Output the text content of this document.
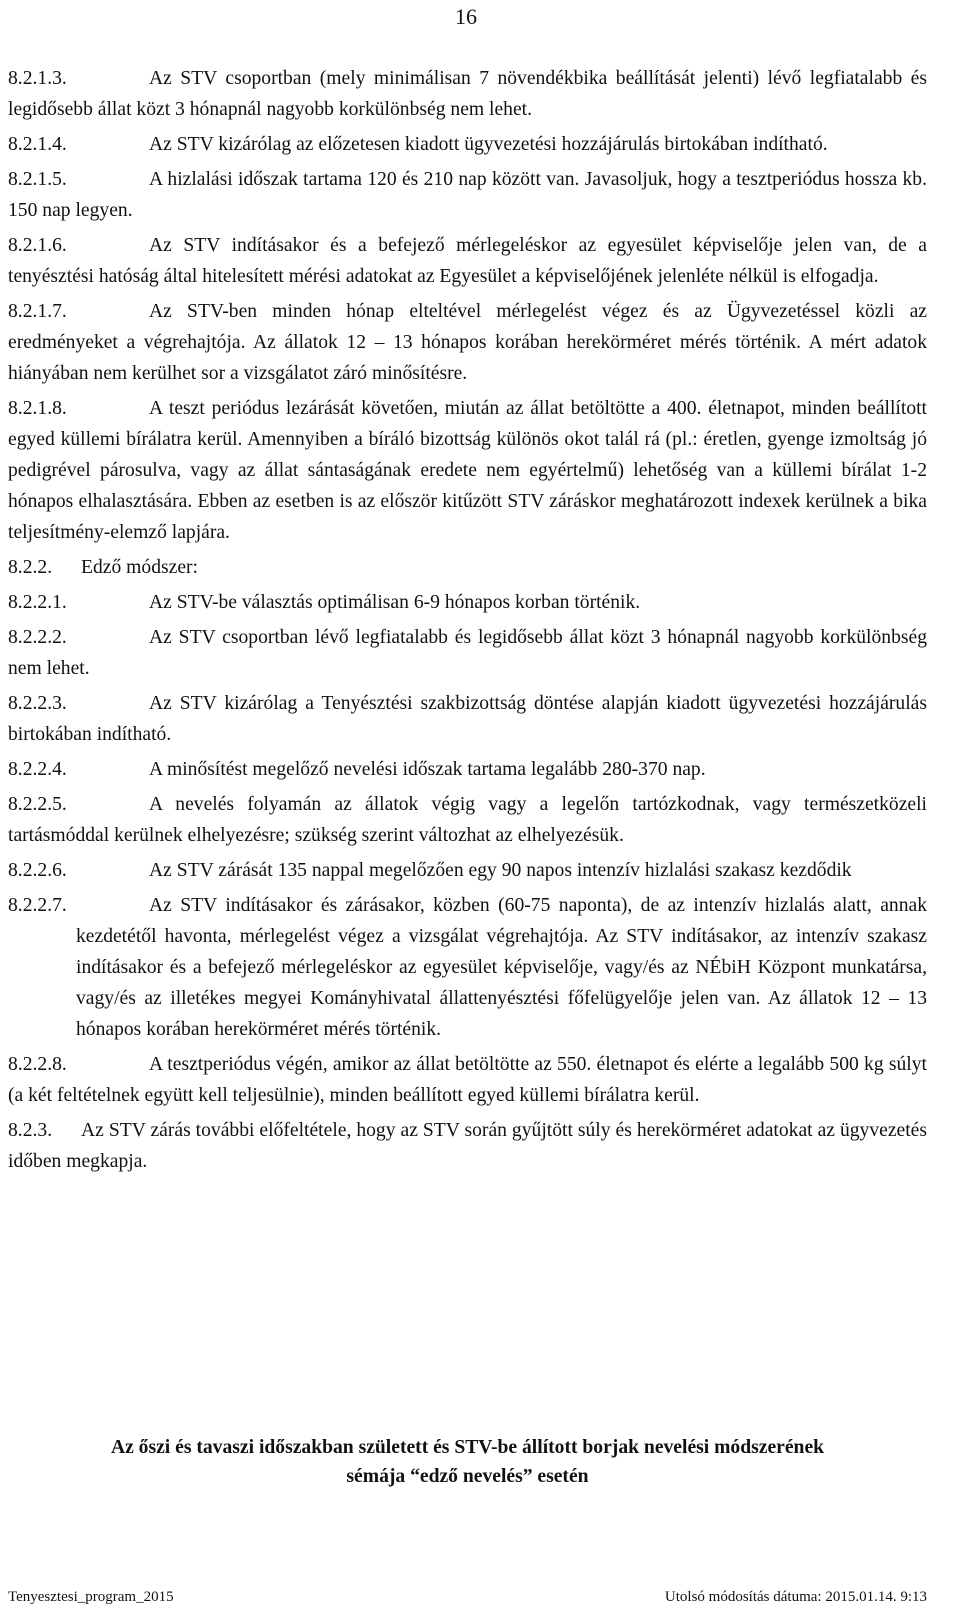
16

8.2.1.3.	Az STV csoportban (mely minimálisan 7 növendékbika beállítását jelenti) lévő legfiatalabb és legidősebb állat közt 3 hónapnál nagyobb korkülönbség nem lehet.

8.2.1.4.	Az STV kizárólag az előzetesen kiadott ügyvezetési hozzájárulás birtokában indítható.

8.2.1.5.	A hizlalási időszak tartama 120 és 210 nap között van. Javasoljuk, hogy a tesztperiódus hossza kb. 150 nap legyen.

8.2.1.6.	Az STV indításakor és a befejező mérlegeléskor az egyesület képviselője jelen van, de a tenyésztési hatóság által hitelesített mérési adatokat az Egyesület a képviselőjének jelenléte nélkül is elfogadja.

8.2.1.7.	Az STV-ben minden hónap elteltével mérlegelést végez és az Ügyvezetéssel közli az eredményeket a végrehajtója. Az állatok 12 – 13 hónapos korában herekörméret mérés történik. A mért adatok hiányában nem kerülhet sor a vizsgálatot záró minősítésre.

8.2.1.8.	A teszt periódus lezárását követően, miután az állat betöltötte a 400. életnapot, minden beállított egyed küllemi bírálatra kerül. Amennyiben a bíráló bizottság különös okot talál rá (pl.: éretlen, gyenge izmoltság jó pedigrével párosulva, vagy az állat sántaságának eredete nem egyértelmű) lehetőség van a küllemi bírálat 1-2 hónapos elhalasztására. Ebben az esetben is az először kitűzött STV záráskor meghatározott indexek kerülnek a bika teljesítmény-elemző lapjára.

8.2.2. Edző módszer:

8.2.2.1.	Az STV-be választás optimálisan 6-9 hónapos korban történik.

8.2.2.2.	Az STV csoportban lévő legfiatalabb és legidősebb állat közt 3 hónapnál nagyobb korkülönbség nem lehet.

8.2.2.3.	Az STV kizárólag a Tenyésztési szakbizottság döntése alapján kiadott ügyvezetési hozzájárulás birtokában indítható.

8.2.2.4.	A minősítést megelőző nevelési időszak tartama legalább 280-370 nap.

8.2.2.5.	A nevelés folyamán az állatok végig vagy a legelőn tartózkodnak, vagy természetközeli tartásmóddal kerülnek elhelyezésre; szükség szerint változhat az elhelyezésük.

8.2.2.6.	Az STV zárását 135 nappal megelőzően egy 90 napos intenzív hizlalási szakasz kezdődik

8.2.2.7.	Az STV indításakor és zárásakor, közben (60-75 naponta), de az intenzív hizlalás alatt, annak kezdetétől havonta, mérlegelést végez a vizsgálat végrehajtója. Az STV indításakor, az intenzív szakasz indításakor és a befejező mérlegeléskor az egyesület képviselője, vagy/és az NÉbiH Központ munkatársa, vagy/és az illetékes megyei Kományhivatal állattenyésztési főfelügyelője jelen van. Az állatok 12 – 13 hónapos korában herekörméret mérés történik.

8.2.2.8.	A tesztperiódus végén, amikor az állat betöltötte az 550. életnapot és elérte a legalább 500 kg súlyt (a két feltételnek együtt kell teljesülnie), minden beállított egyed küllemi bírálatra kerül.

8.2.3. Az STV zárás további előfeltétele, hogy az STV során gyűjtött súly és herekörméret adatokat az ügyvezetés időben megkapja.

Az őszi és tavaszi időszakban született és STV-be állított borjak nevelési módszerének
sémája “edző nevelés” esetén
Tenyesztesi_program_2015	Utolsó módosítás dátuma: 2015.01.14. 9:13
